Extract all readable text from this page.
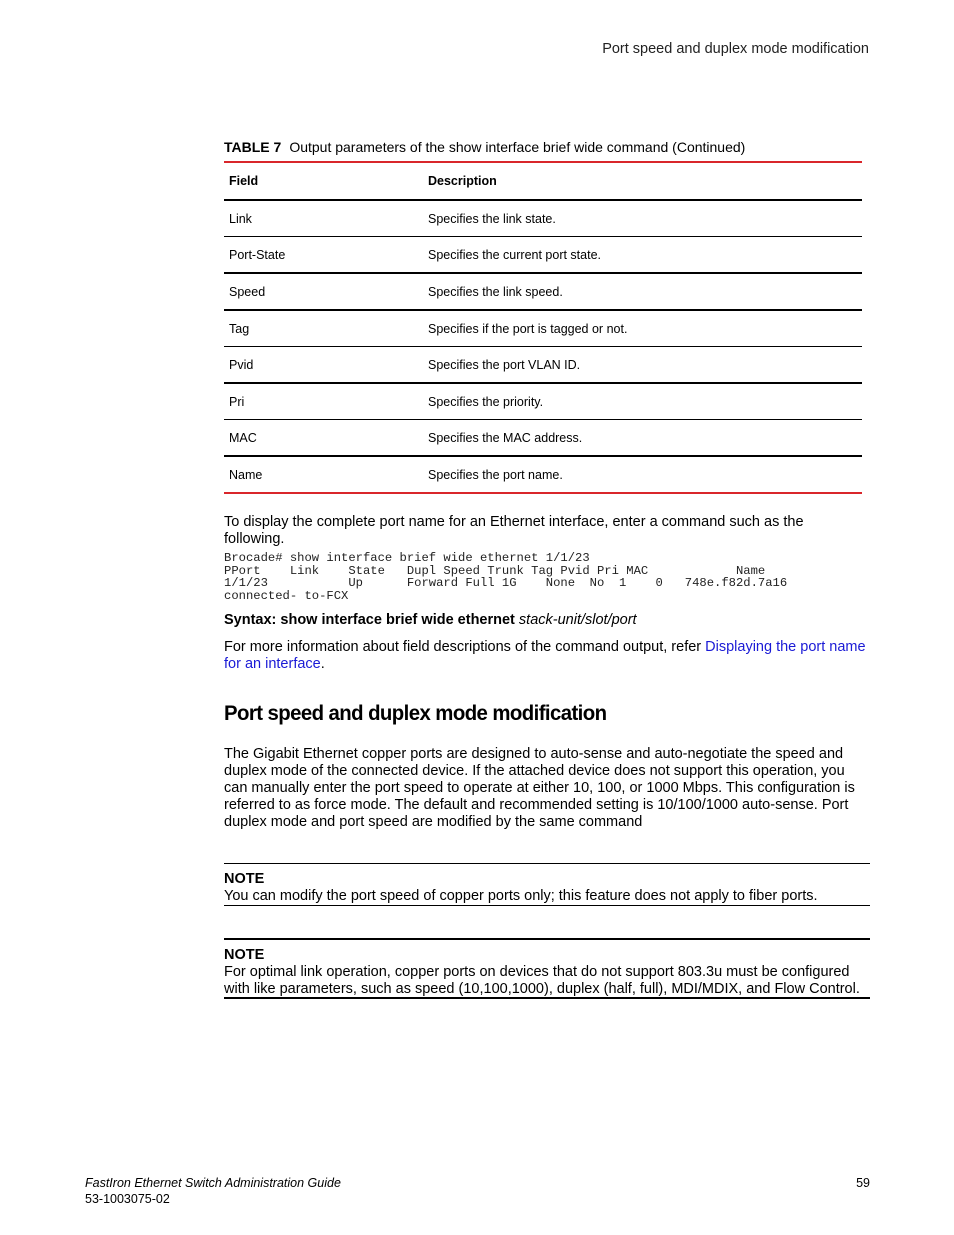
Port speed and duplex mode modification
TABLE 7 Output parameters of the show interface brief wide command (Continued)
Field	Description
Link	Specifies the link state.
Port-State	Specifies the current port state.
Speed	Specifies the link speed.
Tag	Specifies if the port is tagged or not.
Pvid	Specifies the port VLAN ID.
Pri	Specifies the priority.
MAC	Specifies the MAC address.
Name	Specifies the port name.
To display the complete port name for an Ethernet interface, enter a command such as the following.
Brocade# show interface brief wide ethernet 1/1/23
PPort    Link    State   Dupl Speed Trunk Tag Pvid Pri MAC            Name
1/1/23           Up      Forward Full 1G    None  No  1    0   748e.f82d.7a16
connected- to-FCX
Syntax: show interface brief wide ethernet stack-unit/slot/port
For more information about field descriptions of the command output, refer Displaying the port name for an interface.
Port speed and duplex mode modification
The Gigabit Ethernet copper ports are designed to auto-sense and auto-negotiate the speed and duplex mode of the connected device. If the attached device does not support this operation, you can manually enter the port speed to operate at either 10, 100, or 1000 Mbps. This configuration is referred to as force mode. The default and recommended setting is 10/100/1000 auto-sense. Port duplex mode and port speed are modified by the same command
NOTE
You can modify the port speed of copper ports only; this feature does not apply to fiber ports.
NOTE
For optimal link operation, copper ports on devices that do not support 803.3u must be configured with like parameters, such as speed (10,100,1000), duplex (half, full), MDI/MDIX, and Flow Control.
FastIron Ethernet Switch Administration Guide
53-1003075-02
59
